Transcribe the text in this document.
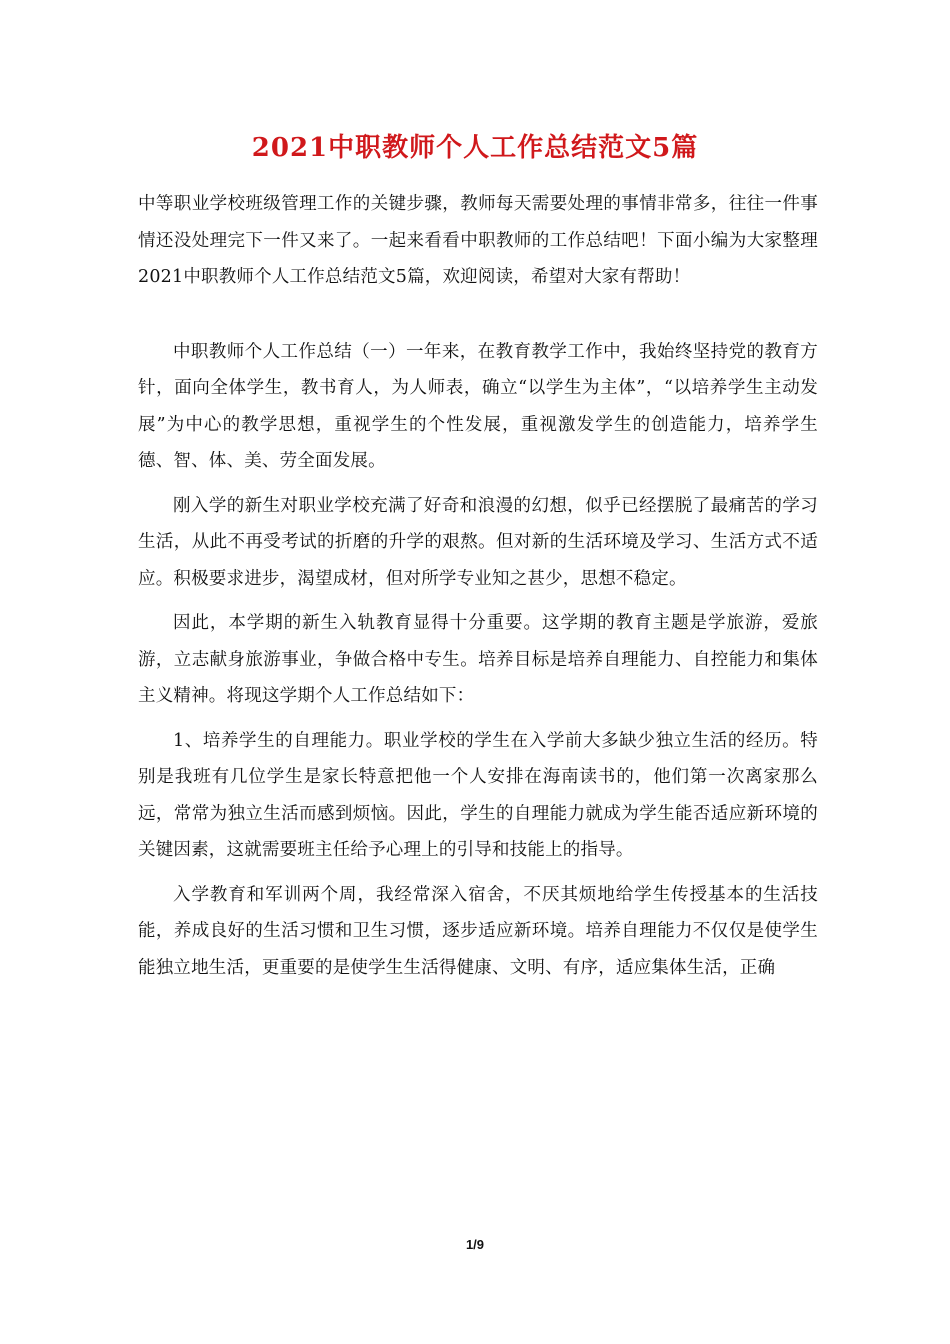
2021中职教师个人工作总结范文5篇

中等职业学校班级管理工作的关键步骤，教师每天需要处理的事情非常多，往往一件事情还没处理完下一件又来了。一起来看看中职教师的工作总结吧！下面小编为大家整理2021中职教师个人工作总结范文5篇，欢迎阅读，希望对大家有帮助！

中职教师个人工作总结（一）一年来，在教育教学工作中，我始终坚持党的教育方针，面向全体学生，教书育人，为人师表，确立“以学生为主体”，“以培养学生主动发展”为中心的教学思想，重视学生的个性发展，重视激发学生的创造能力，培养学生德、智、体、美、劳全面发展。

刚入学的新生对职业学校充满了好奇和浪漫的幻想，似乎已经摆脱了最痛苦的学习生活，从此不再受考试的折磨的升学的艰熬。但对新的生活环境及学习、生活方式不适应。积极要求进步，渴望成材，但对所学专业知之甚少，思想不稳定。

因此，本学期的新生入轨教育显得十分重要。这学期的教育主题是学旅游，爱旅游，立志献身旅游事业，争做合格中专生。培养目标是培养自理能力、自控能力和集体主义精神。将现这学期个人工作总结如下：

1、培养学生的自理能力。职业学校的学生在入学前大多缺少独立生活的经历。特别是我班有几位学生是家长特意把他一个人安排在海南读书的，他们第一次离家那么远，常常为独立生活而感到烦恼。因此，学生的自理能力就成为学生能否适应新环境的关键因素，这就需要班主任给予心理上的引导和技能上的指导。

入学教育和军训两个周，我经常深入宿舍，不厌其烦地给学生传授基本的生活技能，养成良好的生活习惯和卫生习惯，逐步适应新环境。培养自理能力不仅仅是使学生能独立地生活，更重要的是使学生生活得健康、文明、有序，适应集体生活，正确

1/9
